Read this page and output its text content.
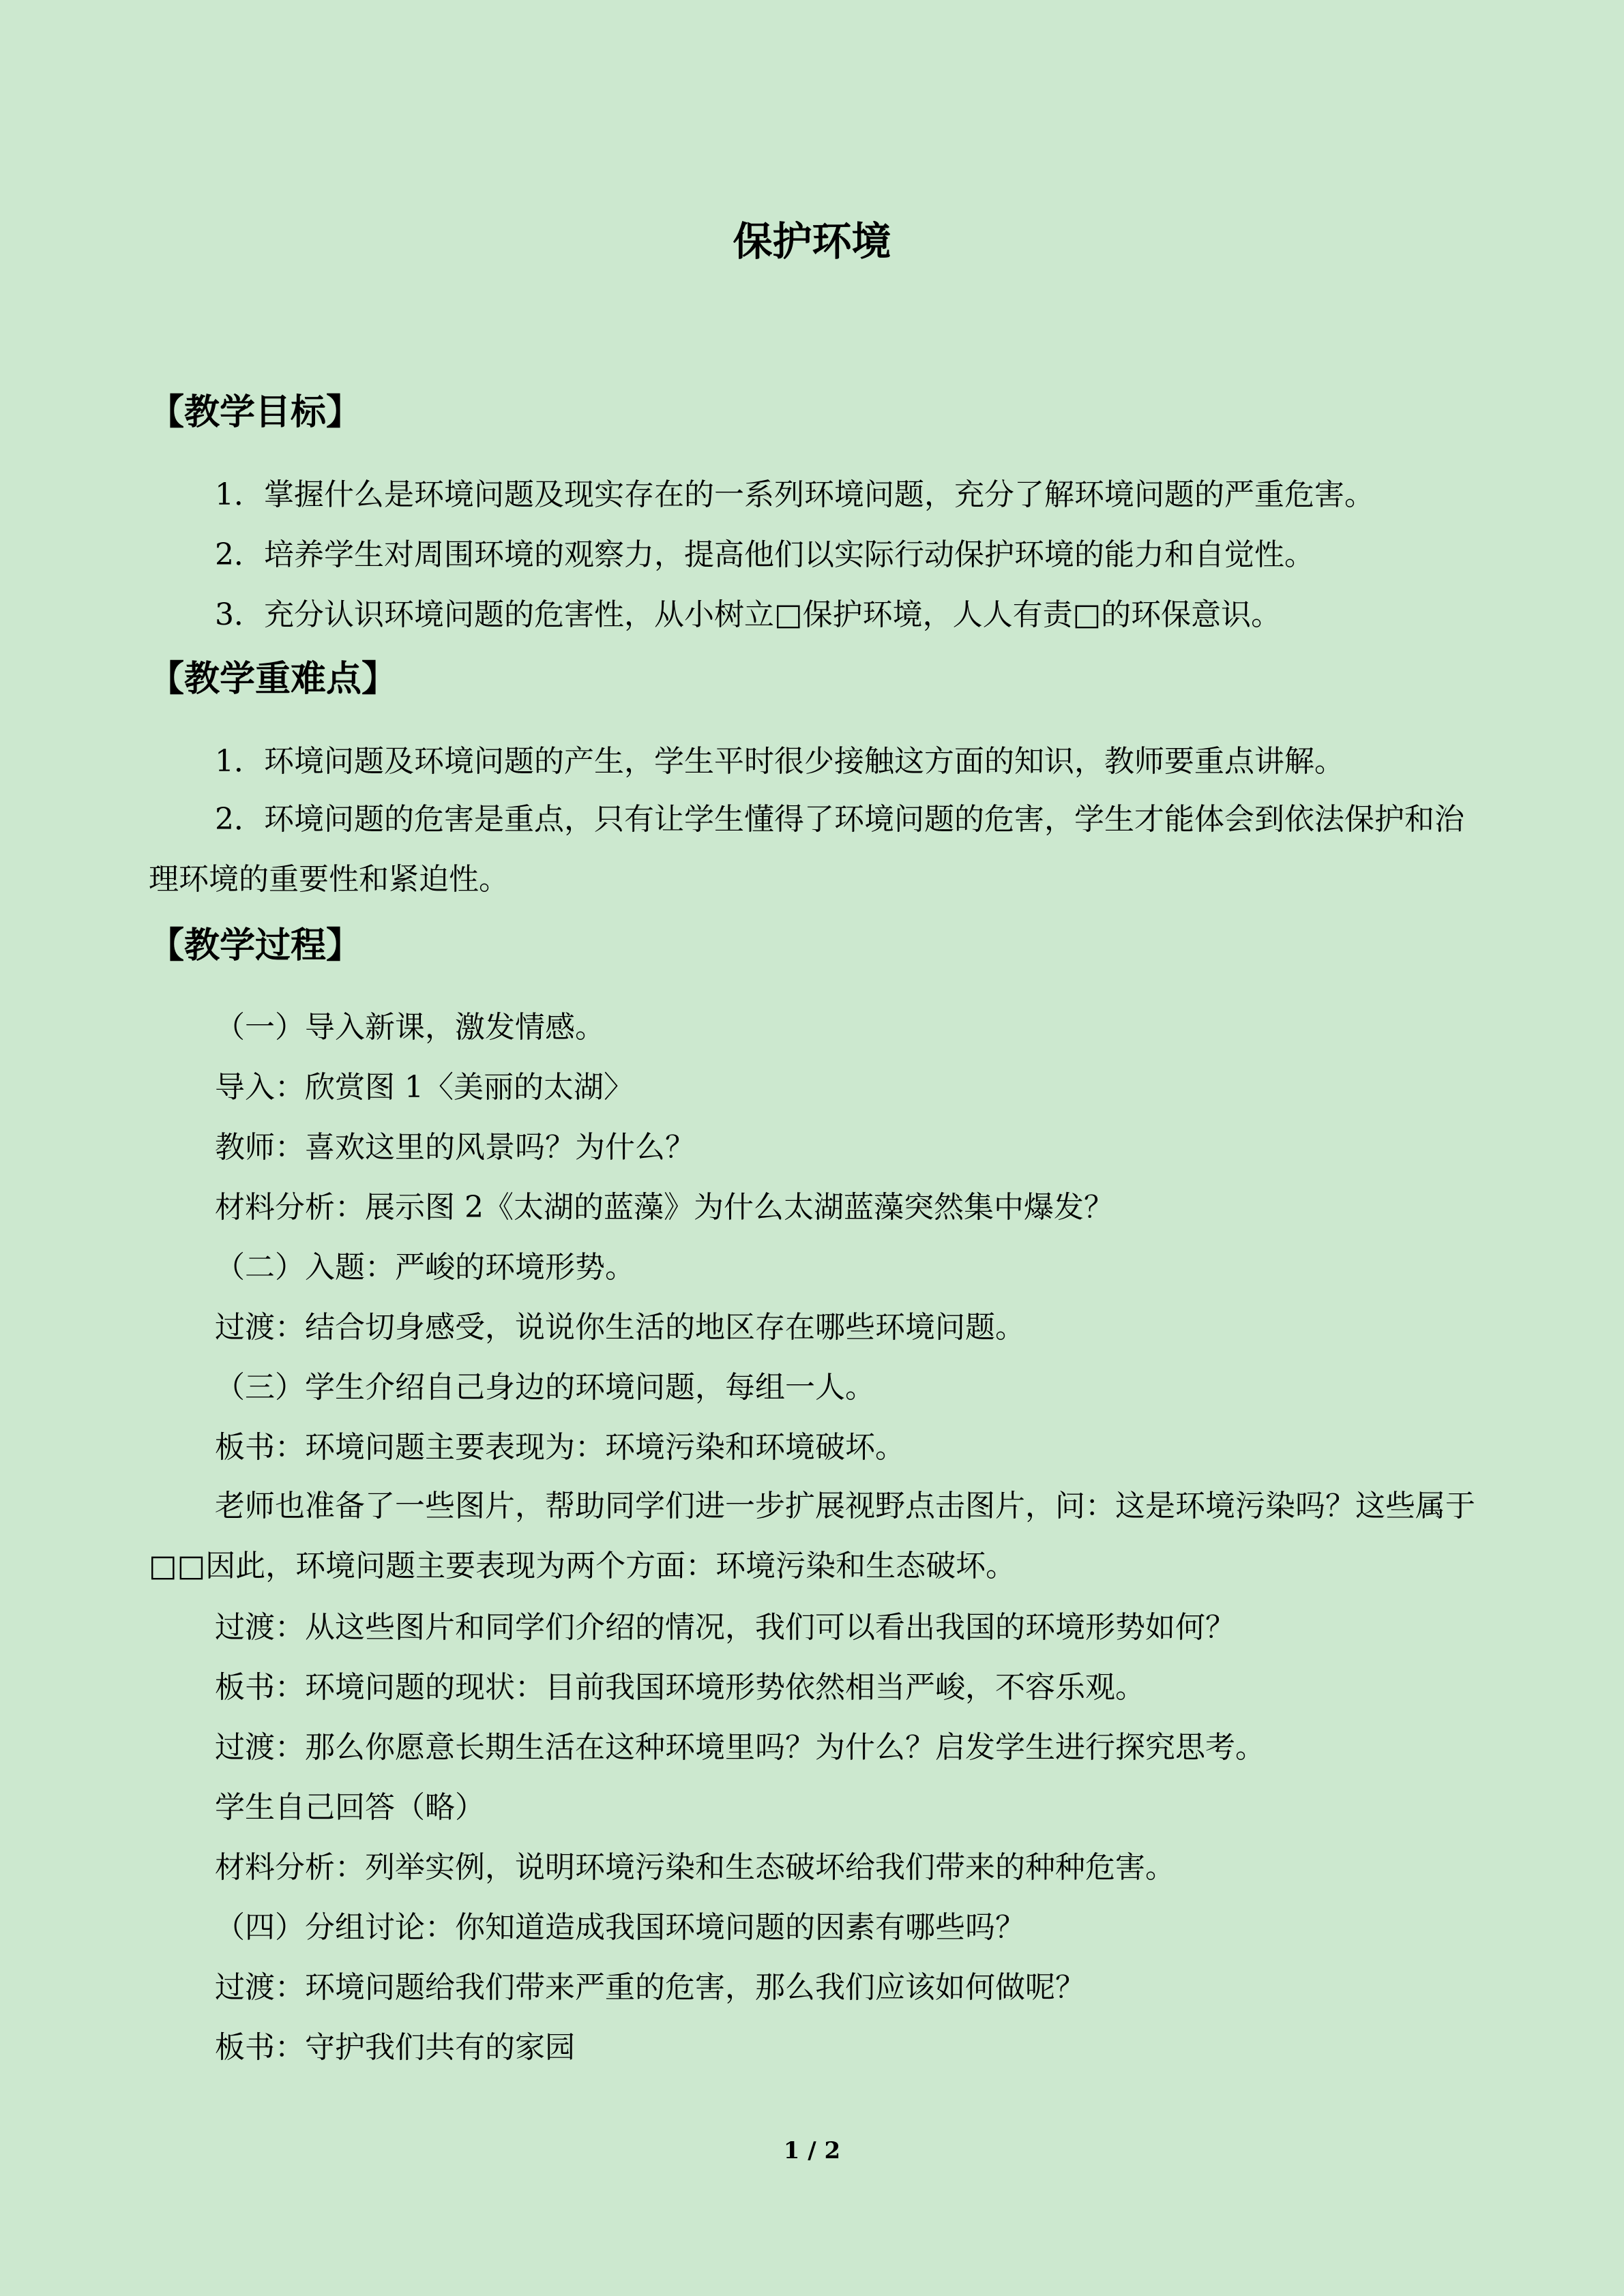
保护环境
【教学目标】

1．掌握什么是环境问题及现实存在的一系列环境问题，充分了解环境问题的严重危害。

2．培养学生对周围环境的观察力，提高他们以实际行动保护环境的能力和自觉性。

3．充分认识环境问题的危害性，从小树立□保护环境，人人有责□的环保意识。

【教学重难点】

1．环境问题及环境问题的产生，学生平时很少接触这方面的知识，教师要重点讲解。

2．环境问题的危害是重点，只有让学生懂得了环境问题的危害，学生才能体会到依法保护和治理环境的重要性和紧迫性。

【教学过程】

（一）导入新课，激发情感。

导入：欣赏图 1〈美丽的太湖〉

教师：喜欢这里的风景吗？为什么？

材料分析：展示图 2《太湖的蓝藻》为什么太湖蓝藻突然集中爆发？

（二）入题：严峻的环境形势。

过渡：结合切身感受，说说你生活的地区存在哪些环境问题。

（三）学生介绍自己身边的环境问题，每组一人。

板书：环境问题主要表现为：环境污染和环境破坏。

老师也准备了一些图片，帮助同学们进一步扩展视野点击图片，问：这是环境污染吗？这些属于□□因此，环境问题主要表现为两个方面：环境污染和生态破坏。

过渡：从这些图片和同学们介绍的情况，我们可以看出我国的环境形势如何？

板书：环境问题的现状：目前我国环境形势依然相当严峻，不容乐观。

过渡：那么你愿意长期生活在这种环境里吗？为什么？启发学生进行探究思考。

学生自己回答（略）

材料分析：列举实例，说明环境污染和生态破坏给我们带来的种种危害。

（四）分组讨论：你知道造成我国环境问题的因素有哪些吗？

过渡：环境问题给我们带来严重的危害，那么我们应该如何做呢？

板书：守护我们共有的家园

1 / 2
